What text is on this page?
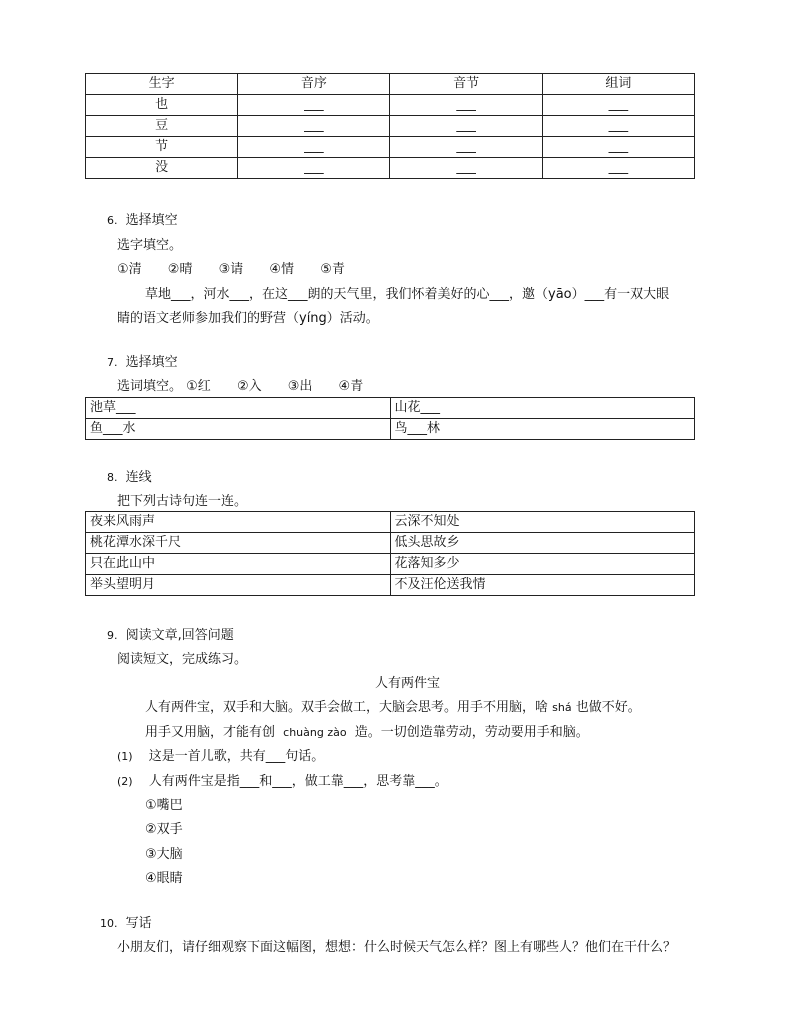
生字	音序	音节	组词
也	___	___	___
豆	___	___	___
节	___	___	___
没	___	___	___
6. 选择填空
选字填空。
①清 ②晴 ③请 ④情 ⑤青
草地___，河水___，在这___朗的天气里，我们怀着美好的心___，邀（yāo）___有一双大眼
睛的语文老师参加我们的野营（yíng）活动。
7. 选择填空
选词填空。 ①红 ②入 ③出 ④青
池草___	山花___
鱼___水	鸟___林
8. 连线
把下列古诗句连一连。
夜来风雨声	云深不知处
桃花潭水深千尺	低头思故乡
只在此山中	花落知多少
举头望明月	不及汪伦送我情
9. 阅读文章,回答问题
阅读短文，完成练习。
人有两件宝
人有两件宝，双手和大脑。双手会做工，大脑会思考。用手不用脑，啥 shá 也做不好。
用手又用脑，才能有创 chuàng zào 造。一切创造靠劳动，劳动要用手和脑。
(1) 这是一首儿歌，共有___句话。
(2) 人有两件宝是指___和___，做工靠___，思考靠___。
①嘴巴
②双手
③大脑
④眼睛
10. 写话
小朋友们，请仔细观察下面这幅图，想想：什么时候天气怎么样？图上有哪些人？他们在干什么？
